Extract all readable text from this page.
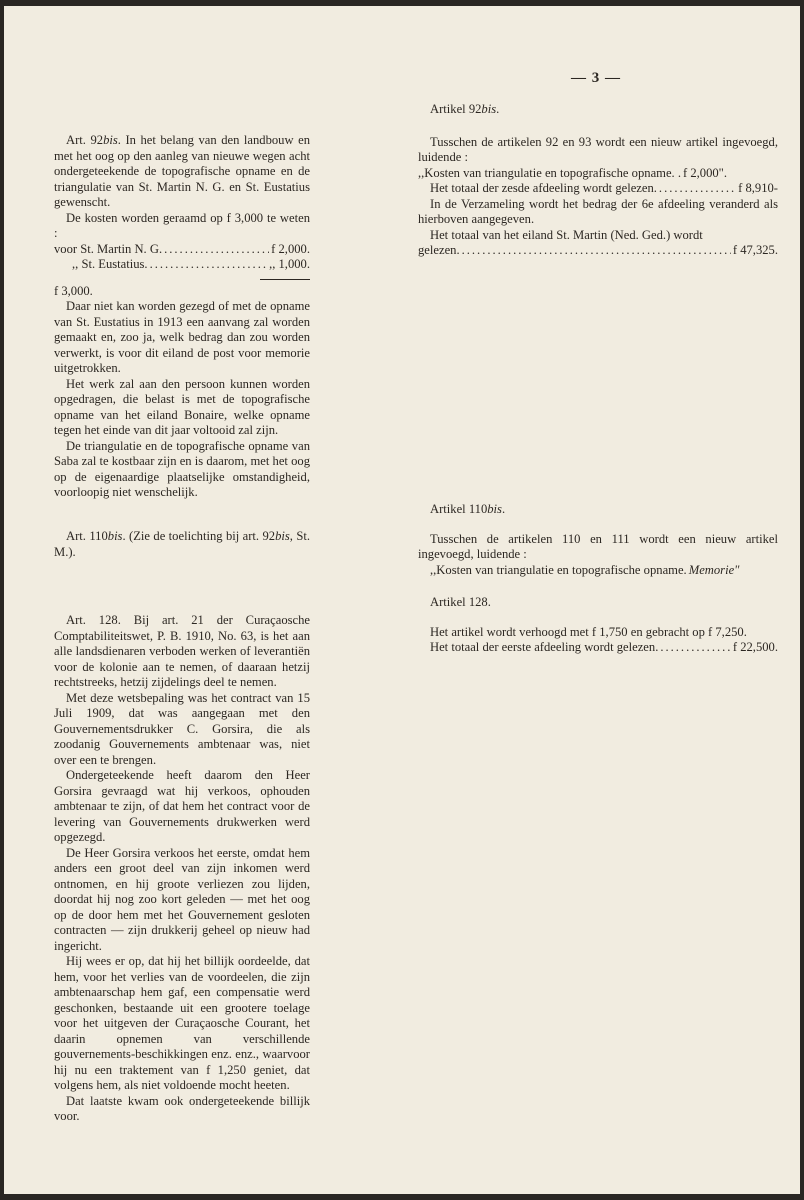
— 3 —

Art. 92bis. In het belang van den landbouw en met het oog op den aanleg van nieuwe wegen acht ondergeteekende de topografische opname en de triangulatie van St. Martin N. G. en St. Eustatius gewenscht.

De kosten worden geraamd op f 3,000 te weten :

voor St. Martin N. G .....	f 2,000.
,, St. Eustatius .....	,, 1,000.

f 3,000.

Daar niet kan worden gezegd of met de opname van St. Eustatius in 1913 een aanvang zal worden gemaakt en, zoo ja, welk bedrag dan zou worden verwerkt, is voor dit eiland de post voor memorie uitgetrokken.

Het werk zal aan den persoon kunnen worden opgedragen, die belast is met de topografische opname van het eiland Bonaire, welke opname tegen het einde van dit jaar voltooid zal zijn.

De triangulatie en de topografische opname van Saba zal te kostbaar zijn en is daarom, met het oog op de eigenaardige plaatselijke omstandigheid, voorloopig niet wenschelijk.

Art. 110bis. (Zie de toelichting bij art. 92bis, St. M.).

Art. 128. Bij art. 21 der Curaçaosche Comptabiliteitswet, P. B. 1910, No. 63, is het aan alle landsdienaren verboden werken of leverantiën voor de kolonie aan te nemen, of daaraan hetzij rechtstreeks, hetzij zijdelings deel te nemen.

Met deze wetsbepaling was het contract van 15 Juli 1909, dat was aangegaan met den Gouvernementsdrukker C. Gorsira, die als zoodanig Gouvernements ambtenaar was, niet over een te brengen.

Ondergeteekende heeft daarom den Heer Gorsira gevraagd wat hij verkoos, ophouden ambtenaar te zijn, of dat hem het contract voor de levering van Gouvernements drukwerken werd opgezegd.

De Heer Gorsira verkoos het eerste, omdat hem anders een groot deel van zijn inkomen werd ontnomen, en hij groote verliezen zou lijden, doordat hij nog zoo kort geleden — met het oog op de door hem met het Gouvernement gesloten contracten — zijn drukkerij geheel op nieuw had ingericht.

Hij wees er op, dat hij het billijk oordeelde, dat hem, voor het verlies van de voordeelen, die zijn ambtenaarschap hem gaf, een compensatie werd geschonken, bestaande uit een grootere toelage voor het uitgeven der Curaçaosche Courant, het daarin opnemen van verschillende gouvernements-beschikkingen enz. enz., waarvoor hij nu een traktement van f 1,250 geniet, dat volgens hem, als niet voldoende mocht heeten.

Dat laatste kwam ook ondergeteekende billijk voor.

Artikel 92bis.

Tusschen de artikelen 92 en 93 wordt een nieuw artikel ingevoegd, luidende :

,,Kosten van triangulatie en topografische opname. . f 2,000".
Het totaal der zesde afdeeling wordt gelezen .....	f 8,910-

In de Verzameling wordt het bedrag der 6e afdeeling veranderd als hierboven aangegeven.

Het totaal van het eiland St. Martin (Ned. Ged.) wordt

gelezen .....	f 47,325.

Artikel 110bis.

Tusschen de artikelen 110 en 111 wordt een nieuw artikel ingevoegd, luidende :

,,Kosten van triangulatie en topografische opname. Memorie"

Artikel 128.

Het artikel wordt verhoogd met f 1,750 en gebracht op f 7,250.

Het totaal der eerste afdeeling wordt gelezen .....	f 22,500.
